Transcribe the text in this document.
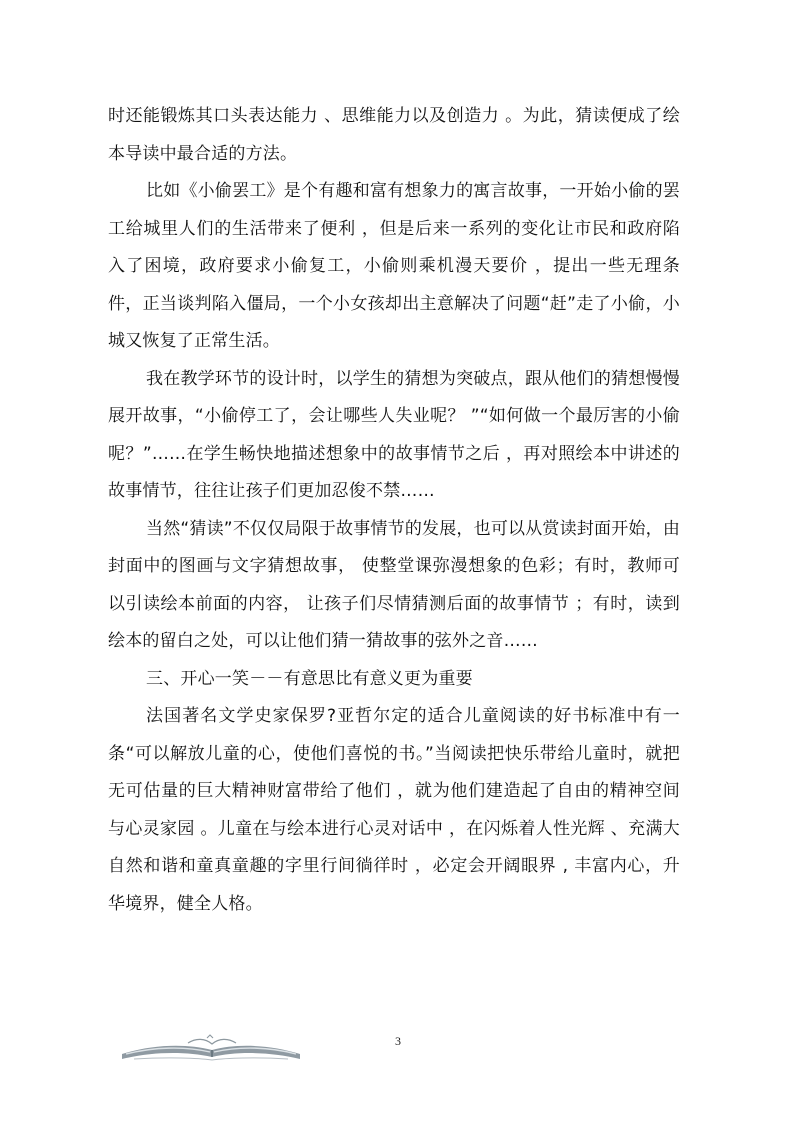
时还能锻炼其口头表达能力 、思维能力以及创造力 。为此，猜读便成了绘本导读中最合适的方法。

比如《小偷罢工》是个有趣和富有想象力的寓言故事，一开始小偷的罢工给城里人们的生活带来了便利 ，但是后来一系列的变化让市民和政府陷入了困境，政府要求小偷复工，小偷则乘机漫天要价 ，提出一些无理条件，正当谈判陷入僵局，一个小女孩却出主意解决了问题“赶”走了小偷，小城又恢复了正常生活。

我在教学环节的设计时，以学生的猜想为突破点，跟从他们的猜想慢慢展开故事，“小偷停工了，会让哪些人失业呢？ ”“如何做一个最厉害的小偷呢？”……在学生畅快地描述想象中的故事情节之后 ，再对照绘本中讲述的故事情节，往往让孩子们更加忍俊不禁……

当然“猜读”不仅仅局限于故事情节的发展，也可以从赏读封面开始，由封面中的图画与文字猜想故事， 使整堂课弥漫想象的色彩；有时，教师可以引读绘本前面的内容， 让孩子们尽情猜测后面的故事情节 ；有时，读到绘本的留白之处，可以让他们猜一猜故事的弦外之音……

三、开心一笑－－有意思比有意义更为重要

法国著名文学史家保罗?亚哲尔定的适合儿童阅读的好书标准中有一条“可以解放儿童的心，使他们喜悦的书。”当阅读把快乐带给儿童时，就把无可估量的巨大精神财富带给了他们 ，就为他们建造起了自由的精神空间与心灵家园 。儿童在与绘本进行心灵对话中 ，在闪烁着人性光辉 、充满大自然和谐和童真童趣的字里行间徜徉时 ，必定会开阔眼界 , 丰富内心，升华境界，健全人格。

3
